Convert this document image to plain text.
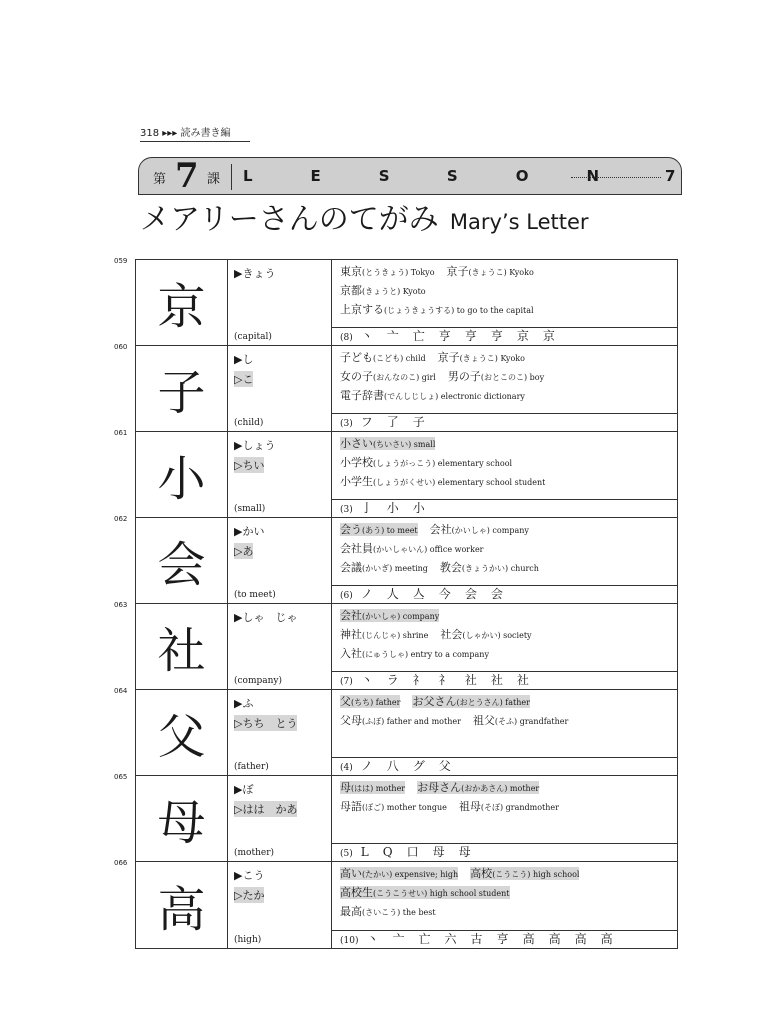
318 ▸▸▸ 読み書き編
第 7 課 LESSON 7
メアリーさんのてがみ Mary’s Letter
059
京
▶きょう
(capital)
東京(とうきょう) Tokyo 京子(きょうこ) Kyoko
京都(きょうと) Kyoto
上京する(じょうきょうする) to go to the capital
(8) 丶 亠 亡 亨 亨 亨 京 京
060
子
▶し
▷こ
(child)
子ども(こども) child 京子(きょうこ) Kyoko
女の子(おんなのこ) girl 男の子(おとこのこ) boy
電子辞書(でんしじしょ) electronic dictionary
(3) フ 了 子
061
小
▶しょう
▷ちい
(small)
小さい(ちいさい) small
小学校(しょうがっこう) elementary school
小学生(しょうがくせい) elementary school student
(3) 亅 小 小
062
会
▶かい
▷あ
(to meet)
会う(あう) to meet 会社(かいしゃ) company
会社員(かいしゃいん) office worker
会議(かいぎ) meeting 教会(きょうかい) church
(6) ノ 人 亼 今 会 会
063
社
▶しゃ　じゃ
(company)
会社(かいしゃ) company
神社(じんじゃ) shrine 社会(しゃかい) society
入社(にゅうしゃ) entry to a company
(7) 丶 ラ 礻 礻 社 社 社
064
父
▶ふ
▷ちち　とう
(father)
父(ちち) father お父さん(おとうさん) father
父母(ふぼ) father and mother 祖父(そふ) grandfather
(4) ノ 八 グ 父
065
母
▶ぼ
▷はは　かあ
(mother)
母(はは) mother お母さん(おかあさん) mother
母語(ぼご) mother tongue 祖母(そぼ) grandmother
(5) L Q 口 母 母
066
高
▶こう
▷たか
(high)
高い(たかい) expensive; high 高校(こうこう) high school
高校生(こうこうせい) high school student
最高(さいこう) the best
(10) 丶 亠 亡 六 古 亨 高 高 高 高
